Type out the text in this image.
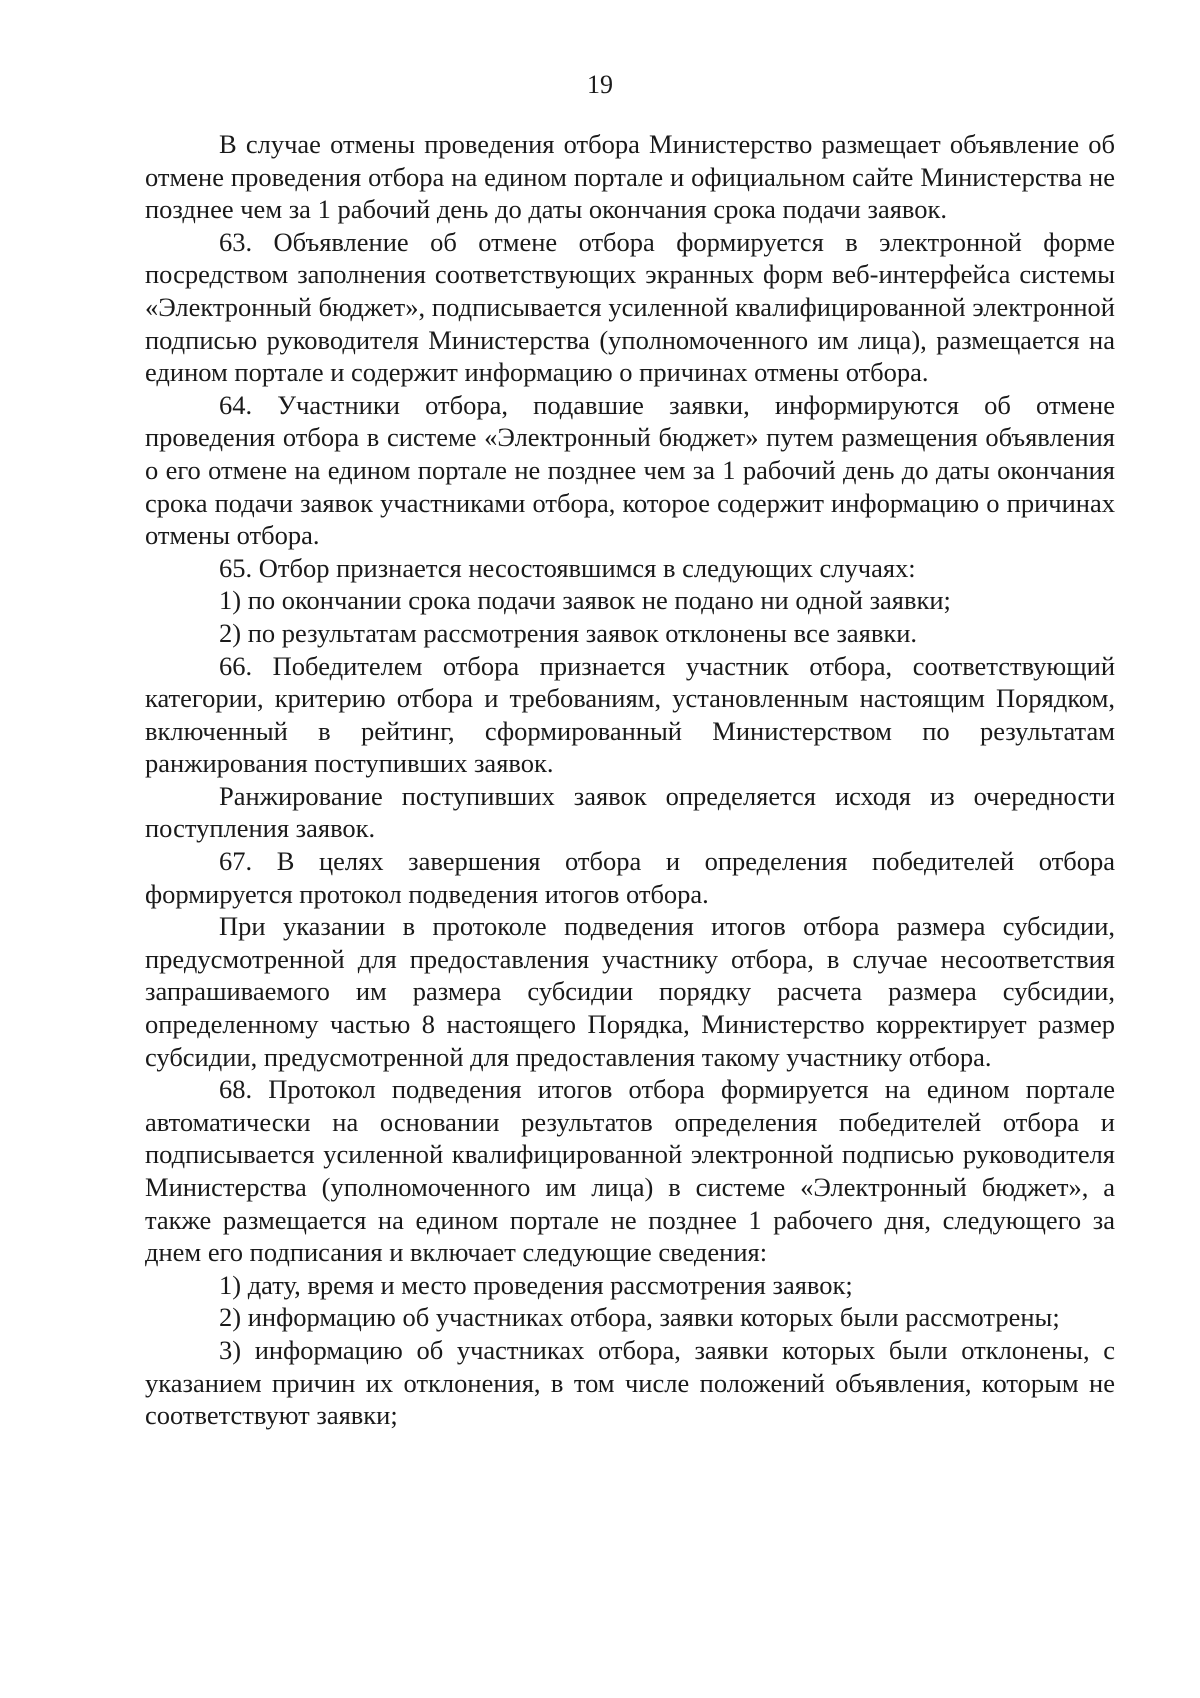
19

В случае отмены проведения отбора Министерство размещает объявление об отмене проведения отбора на едином портале и официальном сайте Министерства не позднее чем за 1 рабочий день до даты окончания срока подачи заявок.

63. Объявление об отмене отбора формируется в электронной форме посредством заполнения соответствующих экранных форм веб-интерфейса системы «Электронный бюджет», подписывается усиленной квалифицированной электронной подписью руководителя Министерства (уполномоченного им лица), размещается на едином портале и содержит информацию о причинах отмены отбора.

64. Участники отбора, подавшие заявки, информируются об отмене проведения отбора в системе «Электронный бюджет» путем размещения объявления о его отмене на едином портале не позднее чем за 1 рабочий день до даты окончания срока подачи заявок участниками отбора, которое содержит информацию о причинах отмены отбора.

65. Отбор признается несостоявшимся в следующих случаях:

1) по окончании срока подачи заявок не подано ни одной заявки;

2) по результатам рассмотрения заявок отклонены все заявки.

66. Победителем отбора признается участник отбора, соответствующий категории, критерию отбора и требованиям, установленным настоящим Порядком, включенный в рейтинг, сформированный Министерством по результатам ранжирования поступивших заявок.

Ранжирование поступивших заявок определяется исходя из очередности поступления заявок.

67. В целях завершения отбора и определения победителей отбора формируется протокол подведения итогов отбора.

При указании в протоколе подведения итогов отбора размера субсидии, предусмотренной для предоставления участнику отбора, в случае несоответствия запрашиваемого им размера субсидии порядку расчета размера субсидии, определенному частью 8 настоящего Порядка, Министерство корректирует размер субсидии, предусмотренной для предоставления такому участнику отбора.

68. Протокол подведения итогов отбора формируется на едином портале автоматически на основании результатов определения победителей отбора и подписывается усиленной квалифицированной электронной подписью руководителя Министерства (уполномоченного им лица) в системе «Электронный бюджет», а также размещается на едином портале не позднее 1 рабочего дня, следующего за днем его подписания и включает следующие сведения:

1) дату, время и место проведения рассмотрения заявок;

2) информацию об участниках отбора, заявки которых были рассмотрены;

3) информацию об участниках отбора, заявки которых были отклонены, с указанием причин их отклонения, в том числе положений объявления, которым не соответствуют заявки;
